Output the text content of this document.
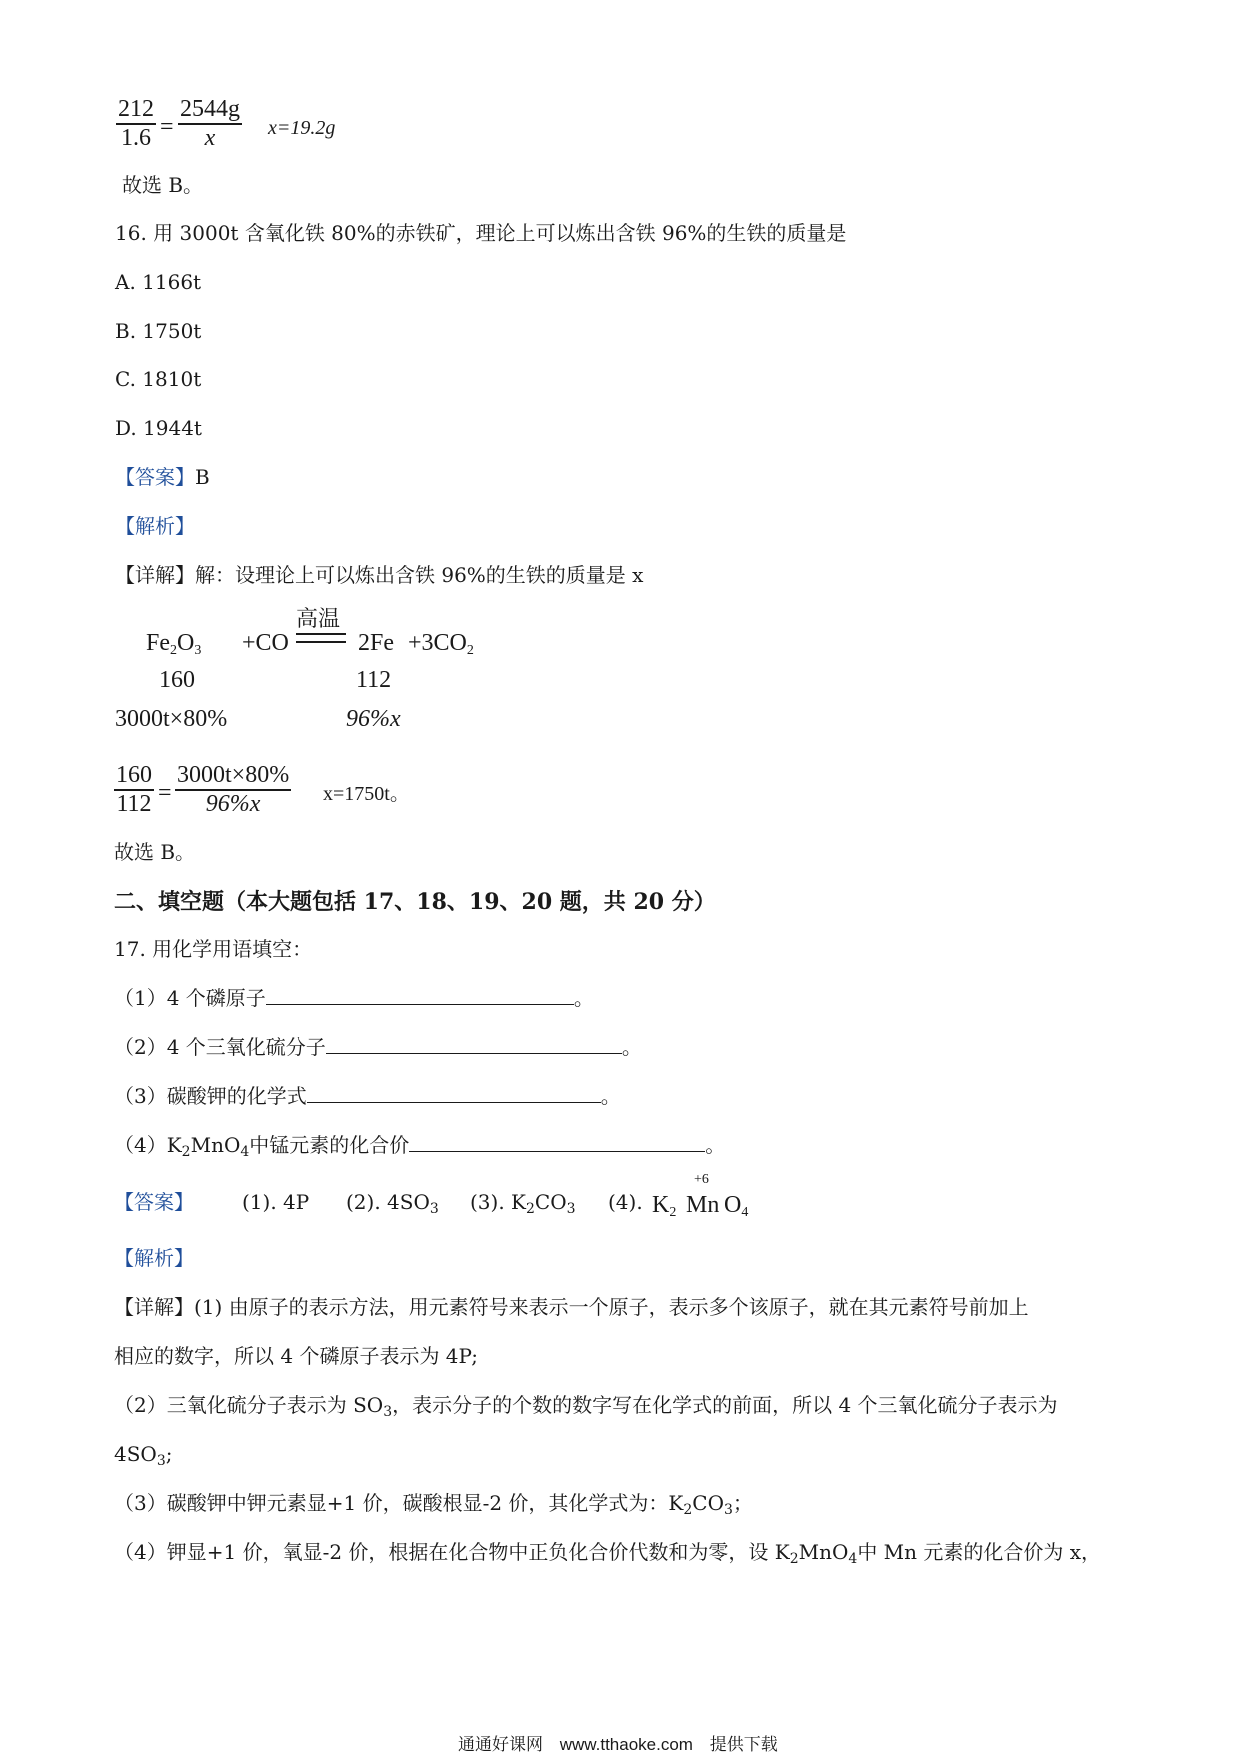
212
1.6 =
2544g
x	x=19.2g
故选 B。
16. 用 3000t 含氧化铁 80%的赤铁矿，理论上可以炼出含铁 96%的生铁的质量是
A. 1166t
B. 1750t
C. 1810t
D. 1944t
【答案】B
【解析】
【详解】解：设理论上可以炼出含铁 96%的生铁的质量是 x
$Fe_2O_3 +CO$
高温
$2Fe +3CO_2$
160	112
3000t×80%	96%x
160
112 =
3000t×80%
96%x	x=1750t。
故选 B。
二、填空题（本大题包括 17、18、19、20 题，共 20 分）
17. 用化学用语填空：
（1）4 个磷原子	。
（2）4 个三氧化硫分子	。
（3）碳酸钾的化学式	。
$(4)K_2MnO_4$中锰元素的化合价	。
【答案】 (1). 4P (2). $4SO_3$ (3). $K_2CO_3$ (4). $K_2$
+6
Mn $O_4$
【解析】
【详解】(1) 由原子的表示方法，用元素符号来表示一个原子，表示多个该原子，就在其元素符号前加上
相应的数字，所以 4 个磷原子表示为 4P;
（2）三氧化硫分子表示为 $SO_3$，表示分子的个数的数字写在化学式的前面，所以 4 个三氧化硫分子表示为
$4SO_3$;
（3）碳酸钾中钾元素显+1 价，碳酸根显-2 价，其化学式为：$K_2CO_3$；
（4）钾显+1 价，氧显-2 价，根据在化合物中正负化合价代数和为零，设 $K_2MnO_4$中 Mn 元素的化合价为 x，
通通好课网 www.tthaoke.com 提供下载
